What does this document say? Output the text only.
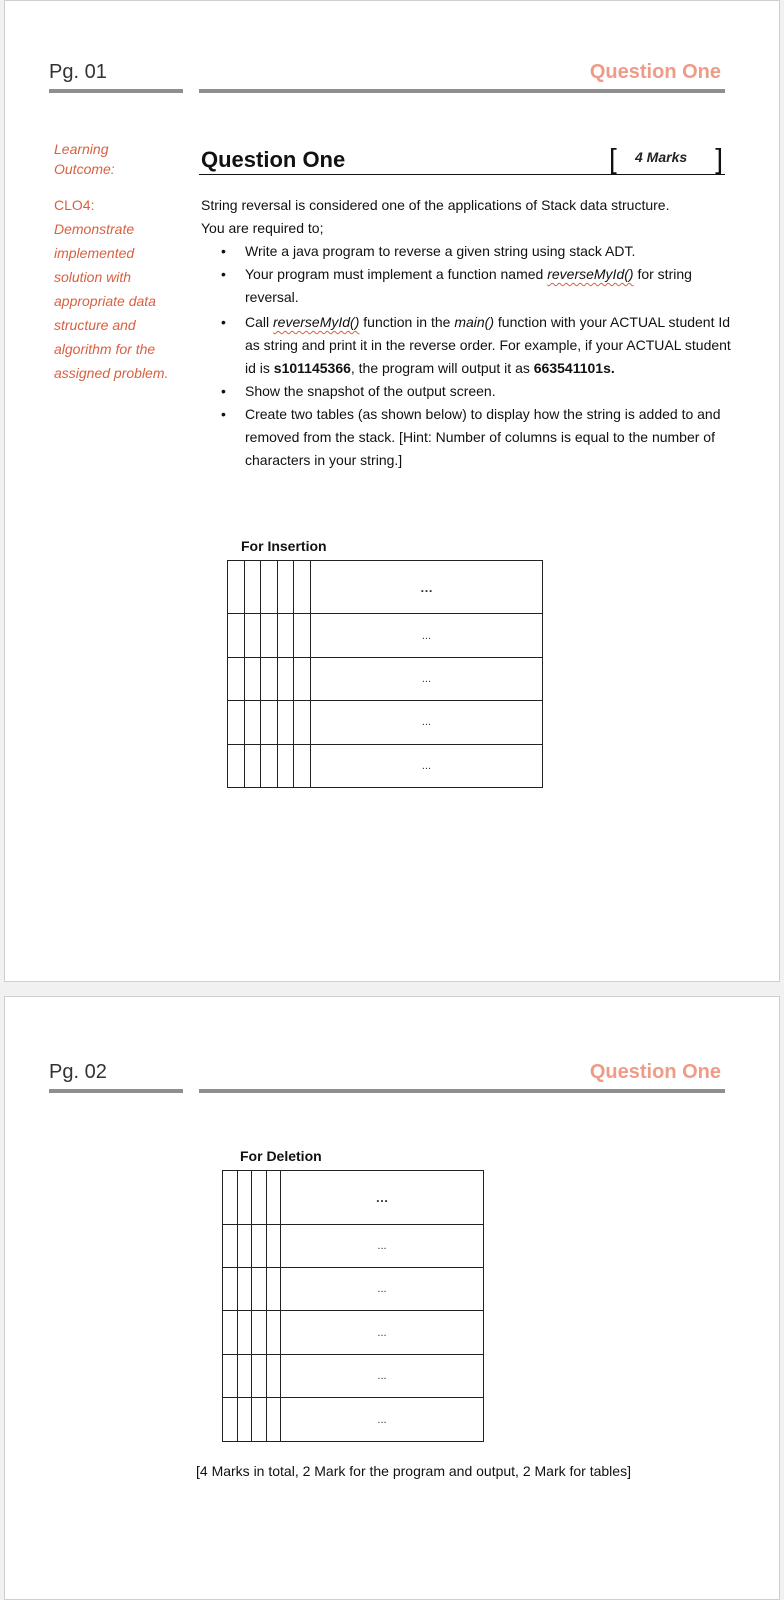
Pg. 01	Question One

Learning Outcome:

CLO4:

Demonstrate implemented solution with appropriate data structure and algorithm for the assigned problem.

Question One	[ 4 Marks ]

String reversal is considered one of the applications of Stack data structure.

You are required to;

• Write a java program to reverse a given string using stack ADT.
• Your program must implement a function named reverseMyId() for string reversal.
• Call reverseMyId() function in the main() function with your ACTUAL student Id as string and print it in the reverse order. For example, if your ACTUAL student id is s101145366, the program will output it as 663541101s.
• Show the snapshot of the output screen.
• Create two tables (as shown below) to display how the string is added to and removed from the stack. [Hint: Number of columns is equal to the number of characters in your string.]
For Insertion
					…
					...
					...
					...
					...
Pg. 02	Question One
For Deletion
				…
				...
				...
				...
				...
				...
[4 Marks in total, 2 Mark for the program and output, 2 Mark for tables]
